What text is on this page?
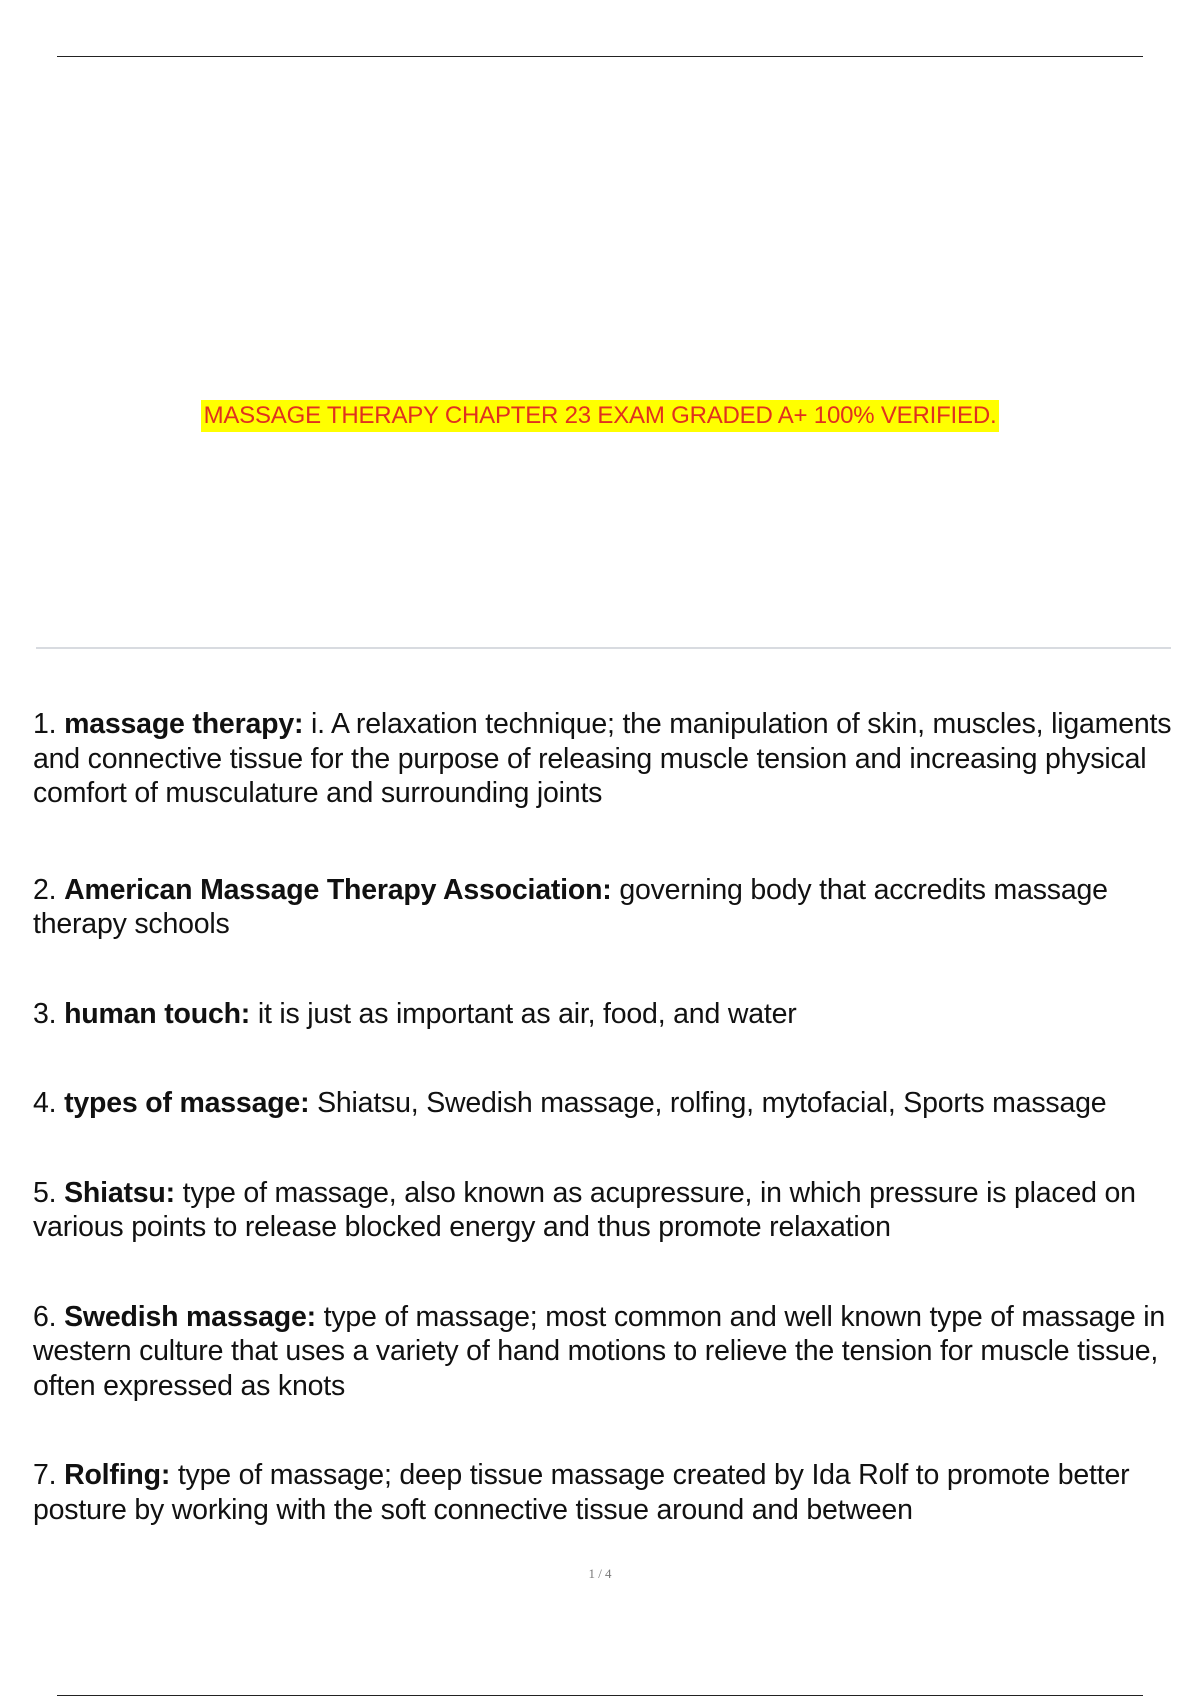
MASSAGE THERAPY CHAPTER 23 EXAM GRADED A+ 100% VERIFIED.

1. massage therapy: i. A relaxation technique; the manipulation of skin, muscles, ligaments and connective tissue for the purpose of releasing muscle tension and increasing physical comfort of musculature and surrounding joints

2. American Massage Therapy Association: governing body that accredits massage therapy schools

3. human touch: it is just as important as air, food, and water

4. types of massage: Shiatsu, Swedish massage, rolfing, mytofacial, Sports massage

5. Shiatsu: type of massage, also known as acupressure, in which pressure is placed on various points to release blocked energy and thus promote relaxation

6. Swedish massage: type of massage; most common and well known type of massage in western culture that uses a variety of hand motions to relieve the tension for muscle tissue, often expressed as knots

7. Rolfing: type of massage; deep tissue massage created by Ida Rolf to promote better posture by working with the soft connective tissue around and between

1 / 4
